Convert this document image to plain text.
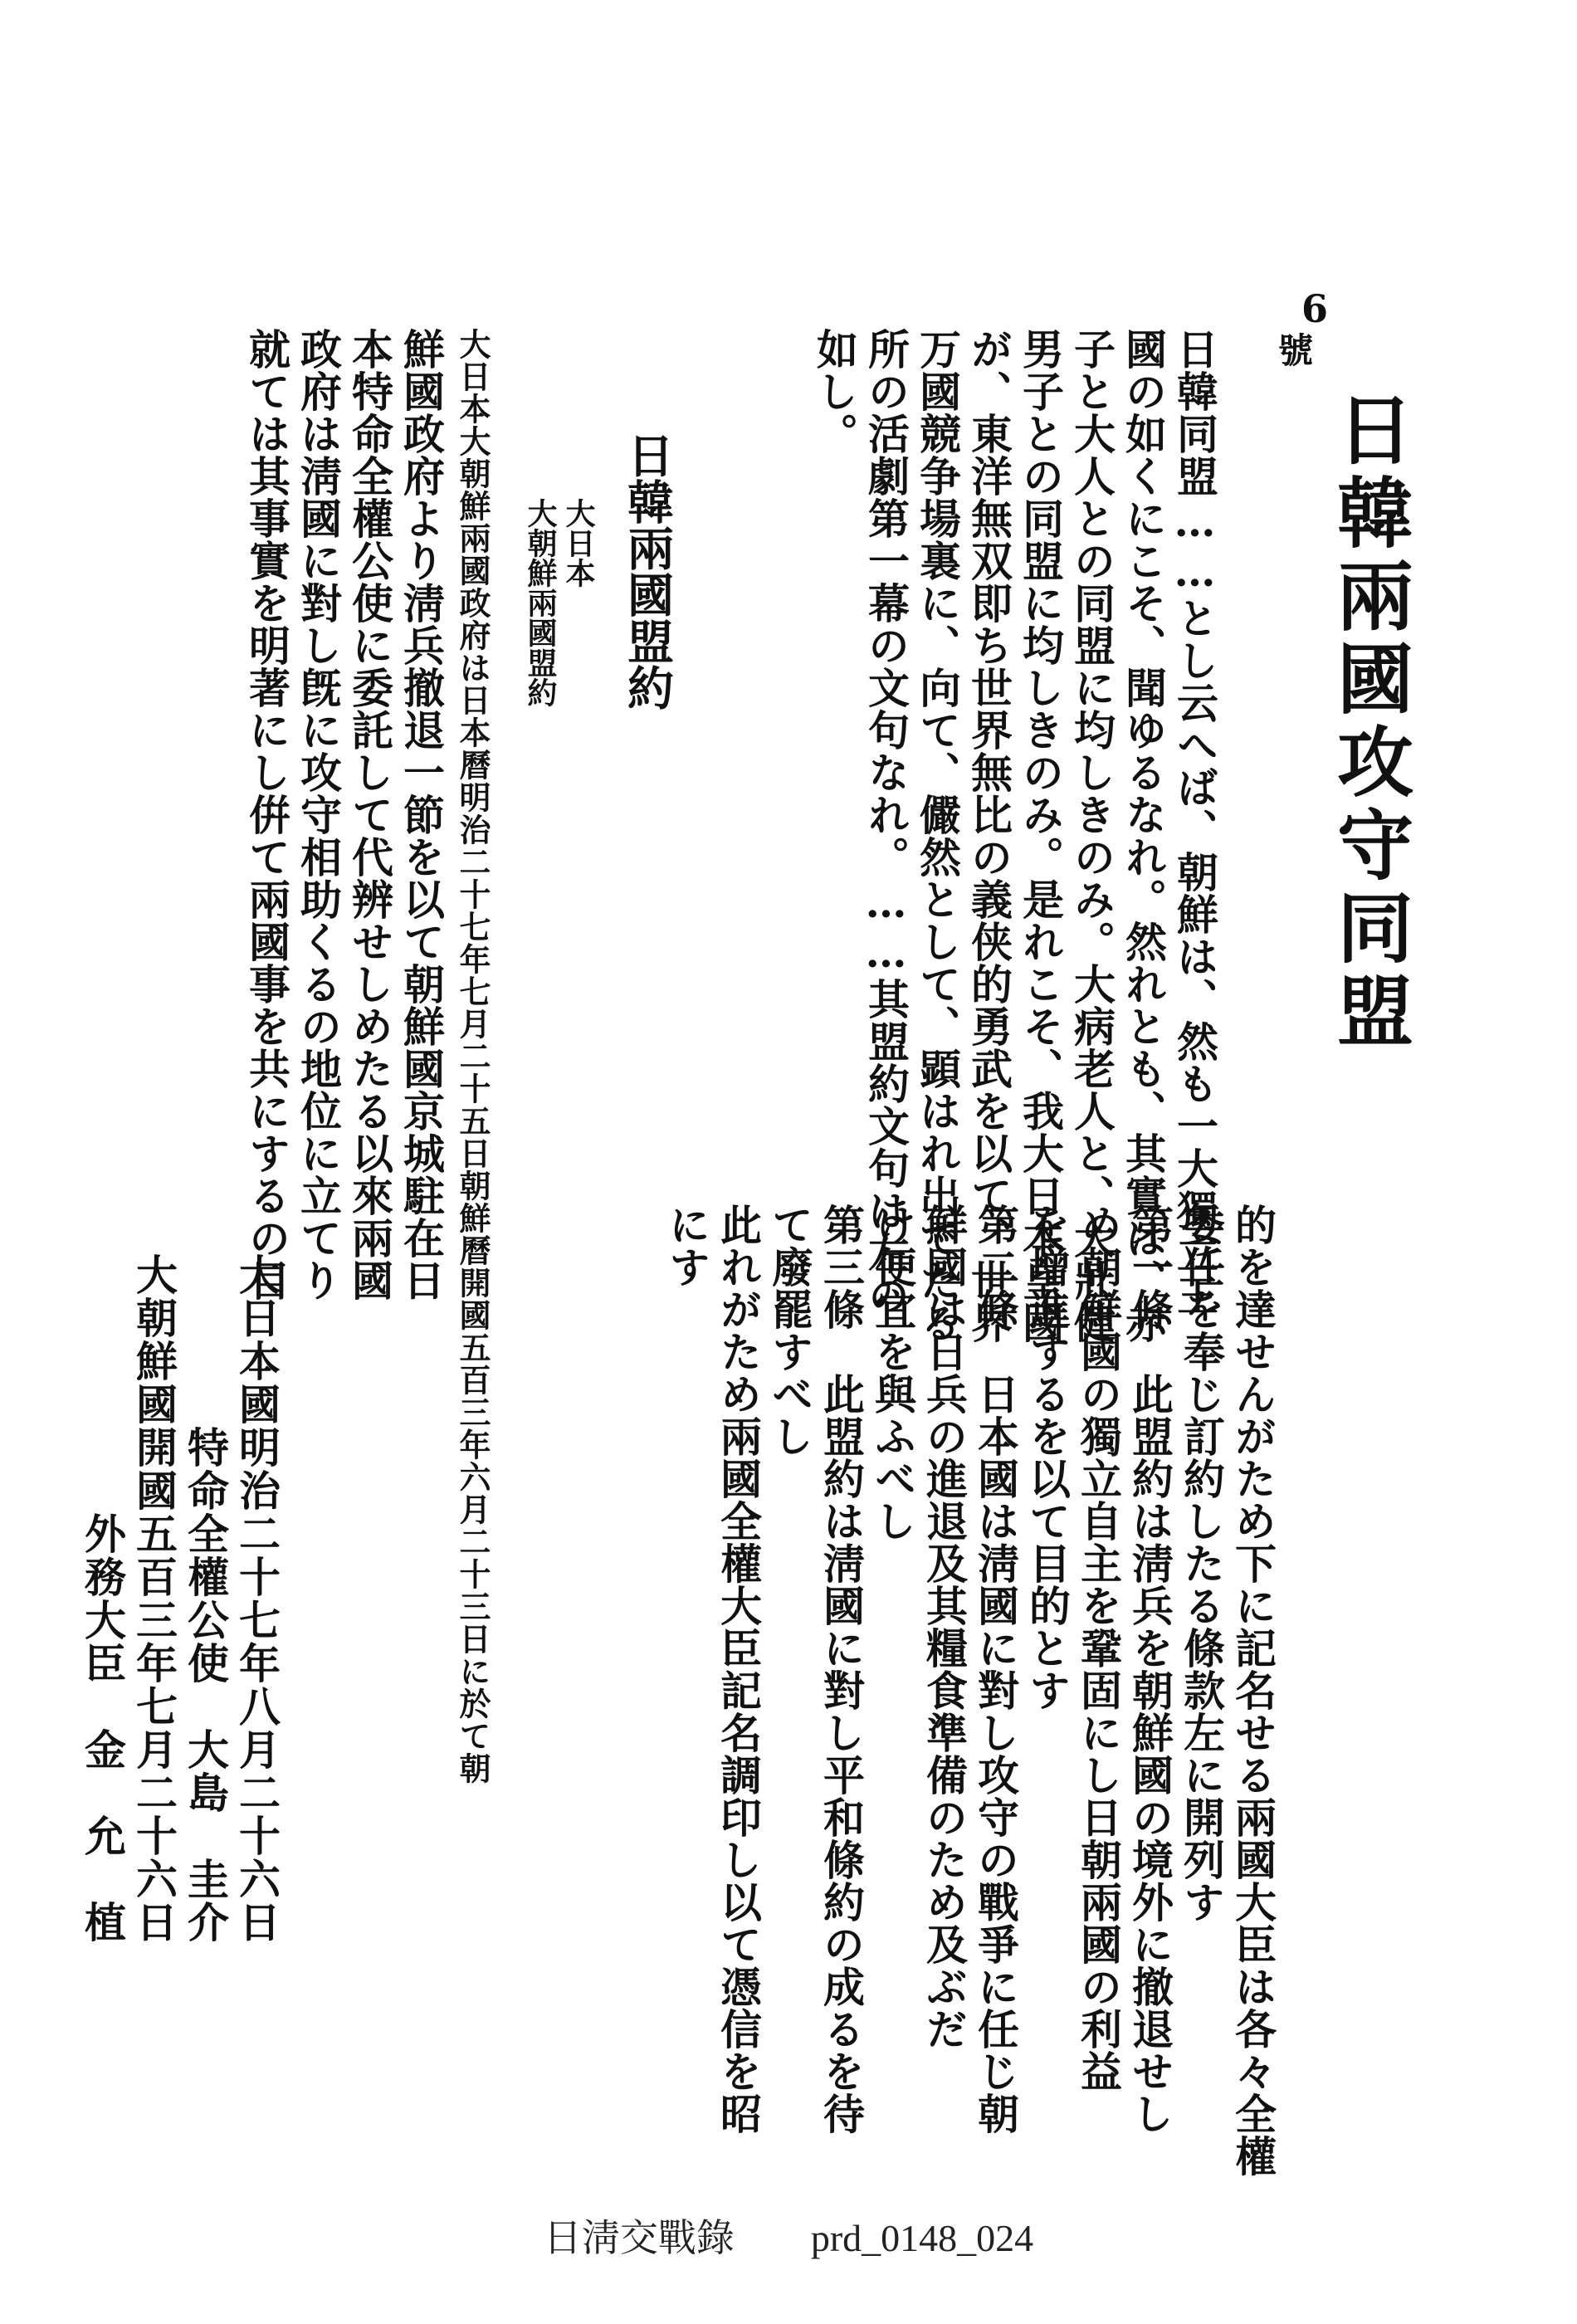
6
號
日韓兩國攻守同盟
日韓同盟……とし云へば、朝鮮は、然も一大獨立王
國の如くにこそ、聞ゆるなれ。然れとも、其實は、赤
子と大人との同盟に均しきのみ。大病老人と、大壯健
男子との同盟に均しきのみ。是れこそ、我大日本皇國
が、東洋無双即ち世界無比の義侠的勇武を以て、世界
万國競争場裏に、向て、儼然として、顕はれ出でたる
所の活劇第一幕の文句なれ。……其盟約文句は左の
如し。
日韓兩國盟約
大日本
大朝鮮兩國盟約
大日本大朝鮮兩國政府は日本曆明治二十七年七月二十五日朝鮮曆開國五百三年六月二十三日に於て朝
鮮國政府より淸兵撤退一節を以て朝鮮國京城駐在日
本特命全權公使に委託して代辨せしめたる以來兩國
政府は淸國に對し旣に攻守相助くるの地位に立てり
就ては其事實を明著にし倂て兩國事を共にするの目
的を達せんがため下に記名せる兩國大臣は各々全權
委任を奉じ訂約したる條款左に開列す
第一條　此盟約は淸兵を朝鮮國の境外に撤退せし
め朝鮮國の獨立自主を鞏固にし日朝兩國の利益
を增進するを以て目的とす
第二條　日本國は淸國に對し攻守の戰爭に任じ朝
鮮國は日兵の進退及其糧食準備のため及ぶだ
け便宜を與ふべし
第三條　此盟約は淸國に對し平和條約の成るを待
て廢罷すべし
此れがため兩國全權大臣記名調印し以て憑信を昭
にす
大日本國明治二十七年八月二十六日
　　　　特命全權公使　大島　圭介
大朝鮮國開國五百三年七月二十六日
　　　　　　外務大臣　金　允　植
日淸交戰錄　　prd_0148_024
